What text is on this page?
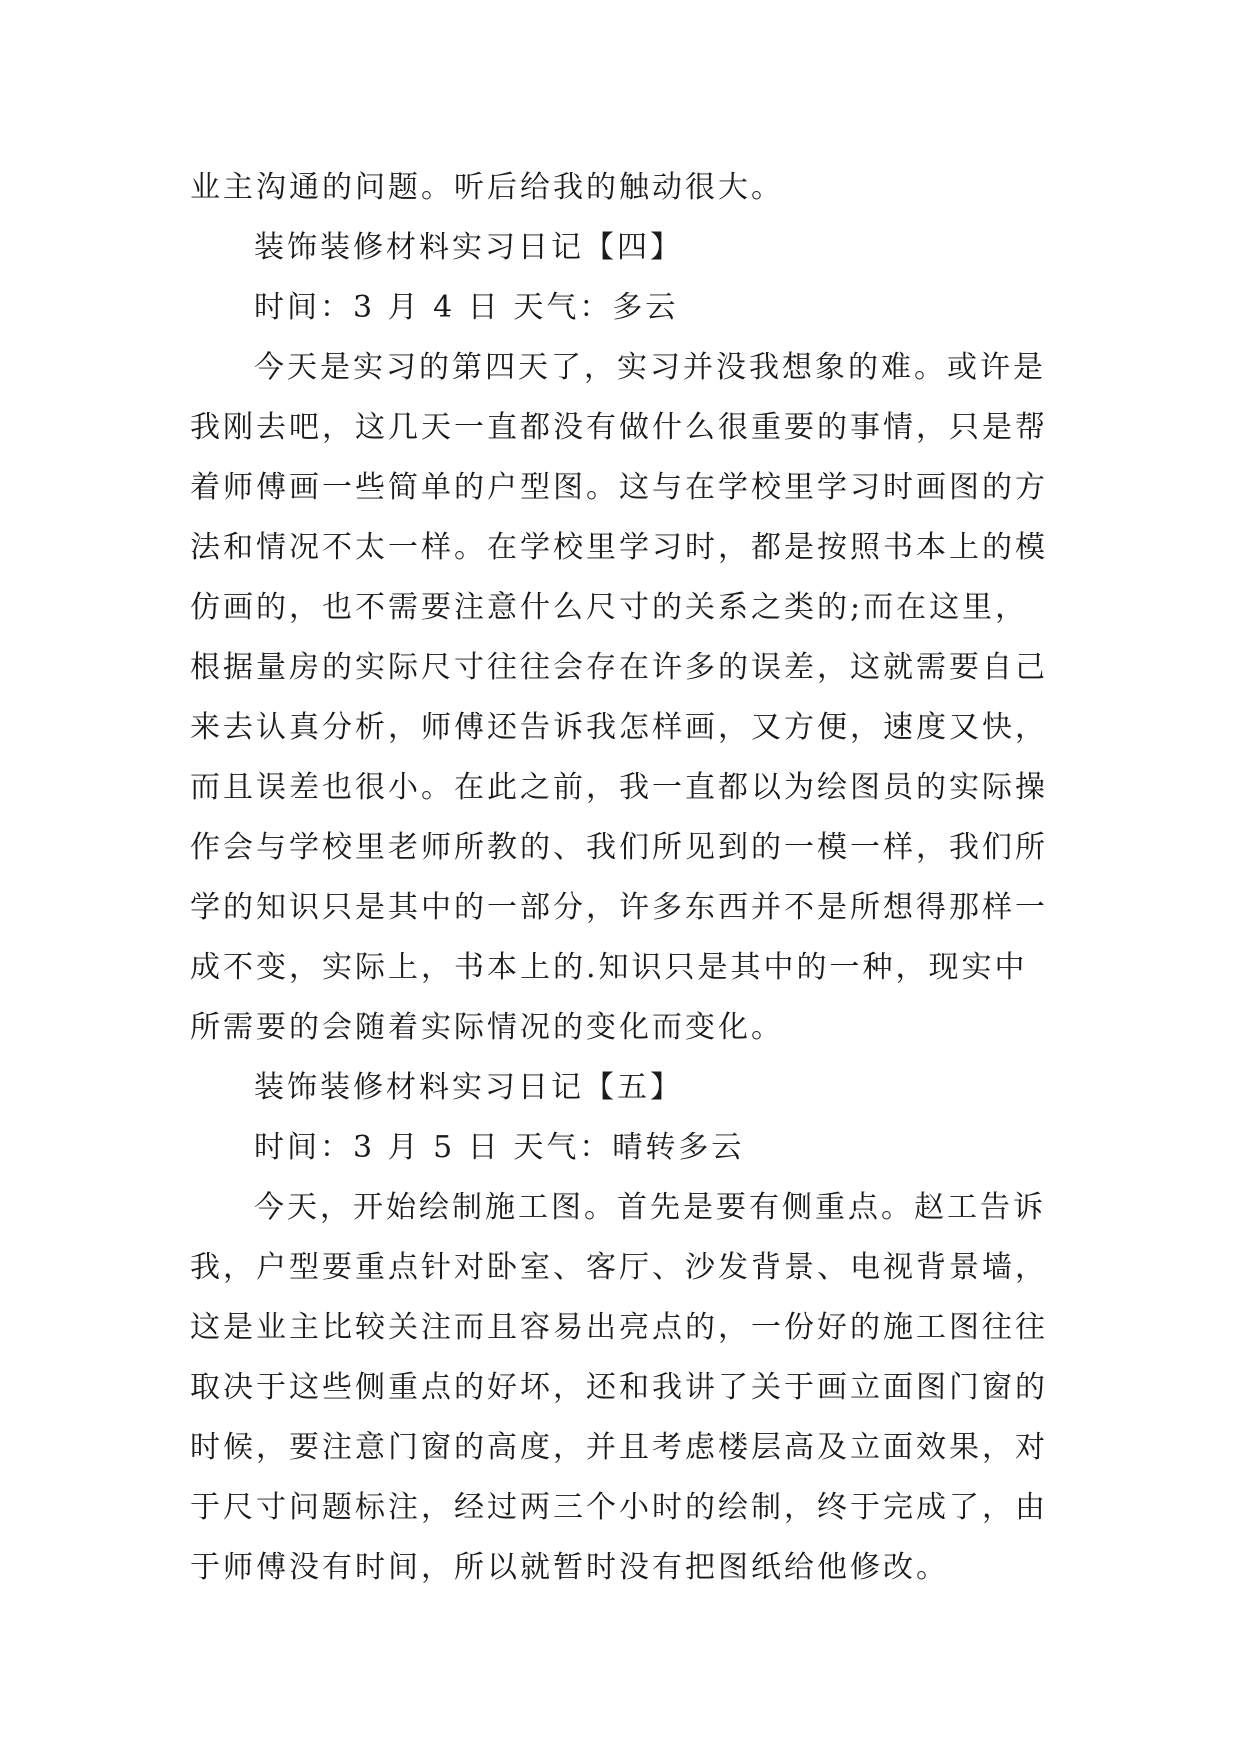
业主沟通的问题。听后给我的触动很大。
装饰装修材料实习日记【四】
时间：3 月 4 日 天气：多云
今天是实习的第四天了，实习并没我想象的难。或许是
我刚去吧，这几天一直都没有做什么很重要的事情，只是帮
着师傅画一些简单的户型图。这与在学校里学习时画图的方
法和情况不太一样。在学校里学习时，都是按照书本上的模
仿画的，也不需要注意什么尺寸的关系之类的;而在这里，
根据量房的实际尺寸往往会存在许多的误差，这就需要自己
来去认真分析，师傅还告诉我怎样画，又方便，速度又快，
而且误差也很小。在此之前，我一直都以为绘图员的实际操
作会与学校里老师所教的、我们所见到的一模一样，我们所
学的知识只是其中的一部分，许多东西并不是所想得那样一
成不变，实际上，书本上的.知识只是其中的一种，现实中
所需要的会随着实际情况的变化而变化。
装饰装修材料实习日记【五】
时间：3 月 5 日 天气：晴转多云
今天，开始绘制施工图。首先是要有侧重点。赵工告诉
我，户型要重点针对卧室、客厅、沙发背景、电视背景墙，
这是业主比较关注而且容易出亮点的，一份好的施工图往往
取决于这些侧重点的好坏，还和我讲了关于画立面图门窗的
时候，要注意门窗的高度，并且考虑楼层高及立面效果，对
于尺寸问题标注，经过两三个小时的绘制，终于完成了，由
于师傅没有时间，所以就暂时没有把图纸给他修改。
